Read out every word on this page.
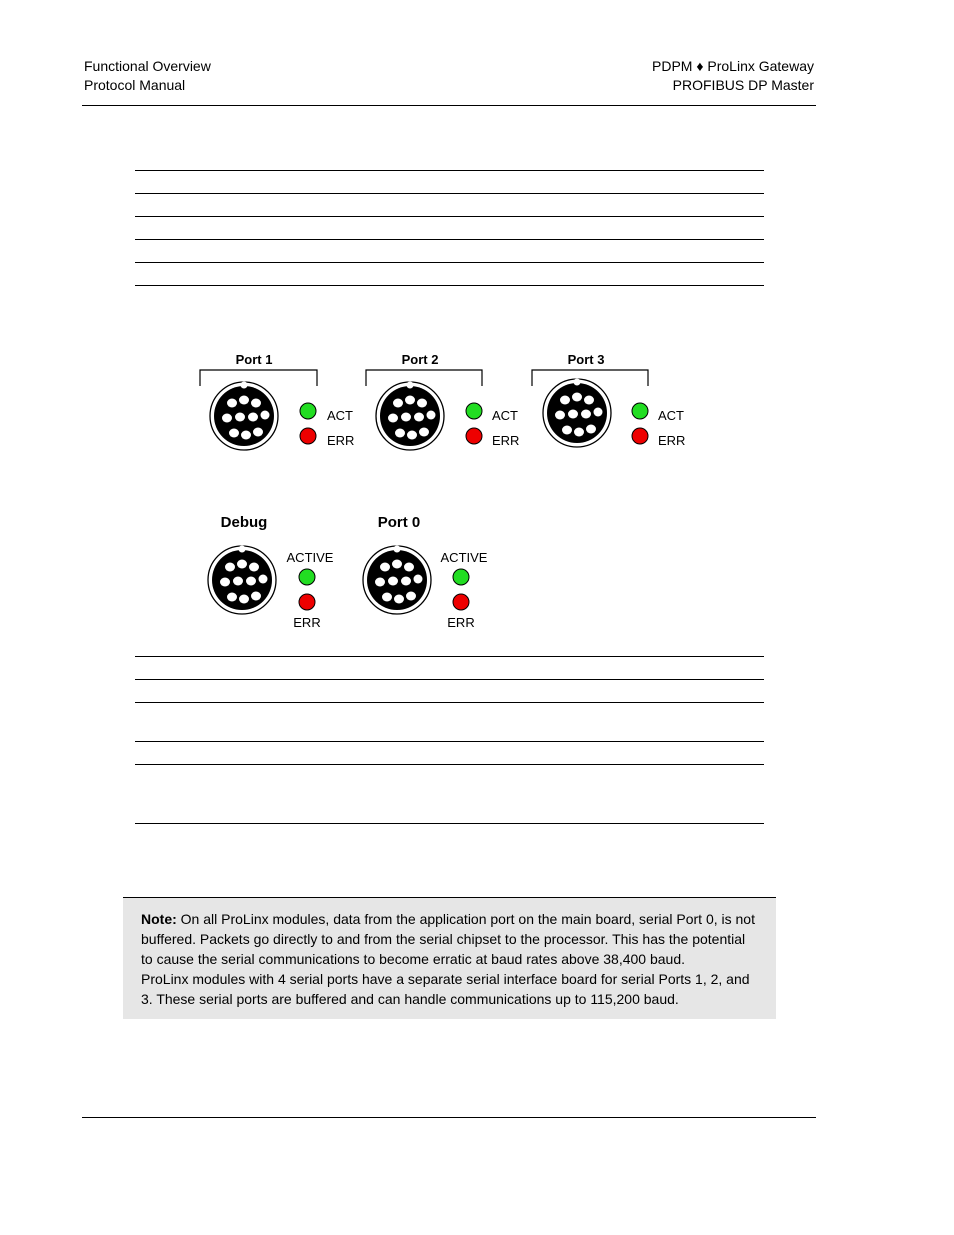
Functional Overview
Protocol Manual
PDPM ♦ ProLinx Gateway
PROFIBUS DP Master
Port 1
ACT
ERR
Port 2
ACT
ERR
Port 3
ACT
ERR
Debug
ACTIVE
ERR
Port 0
ACTIVE
ERR
Note: On all ProLinx modules, data from the application port on the main board, serial Port 0, is not
buffered. Packets go directly to and from the serial chipset to the processor. This has the potential
to cause the serial communications to become erratic at baud rates above 38,400 baud.
ProLinx modules with 4 serial ports have a separate serial interface board for serial Ports 1, 2, and
3. These serial ports are buffered and can handle communications up to 115,200 baud.
